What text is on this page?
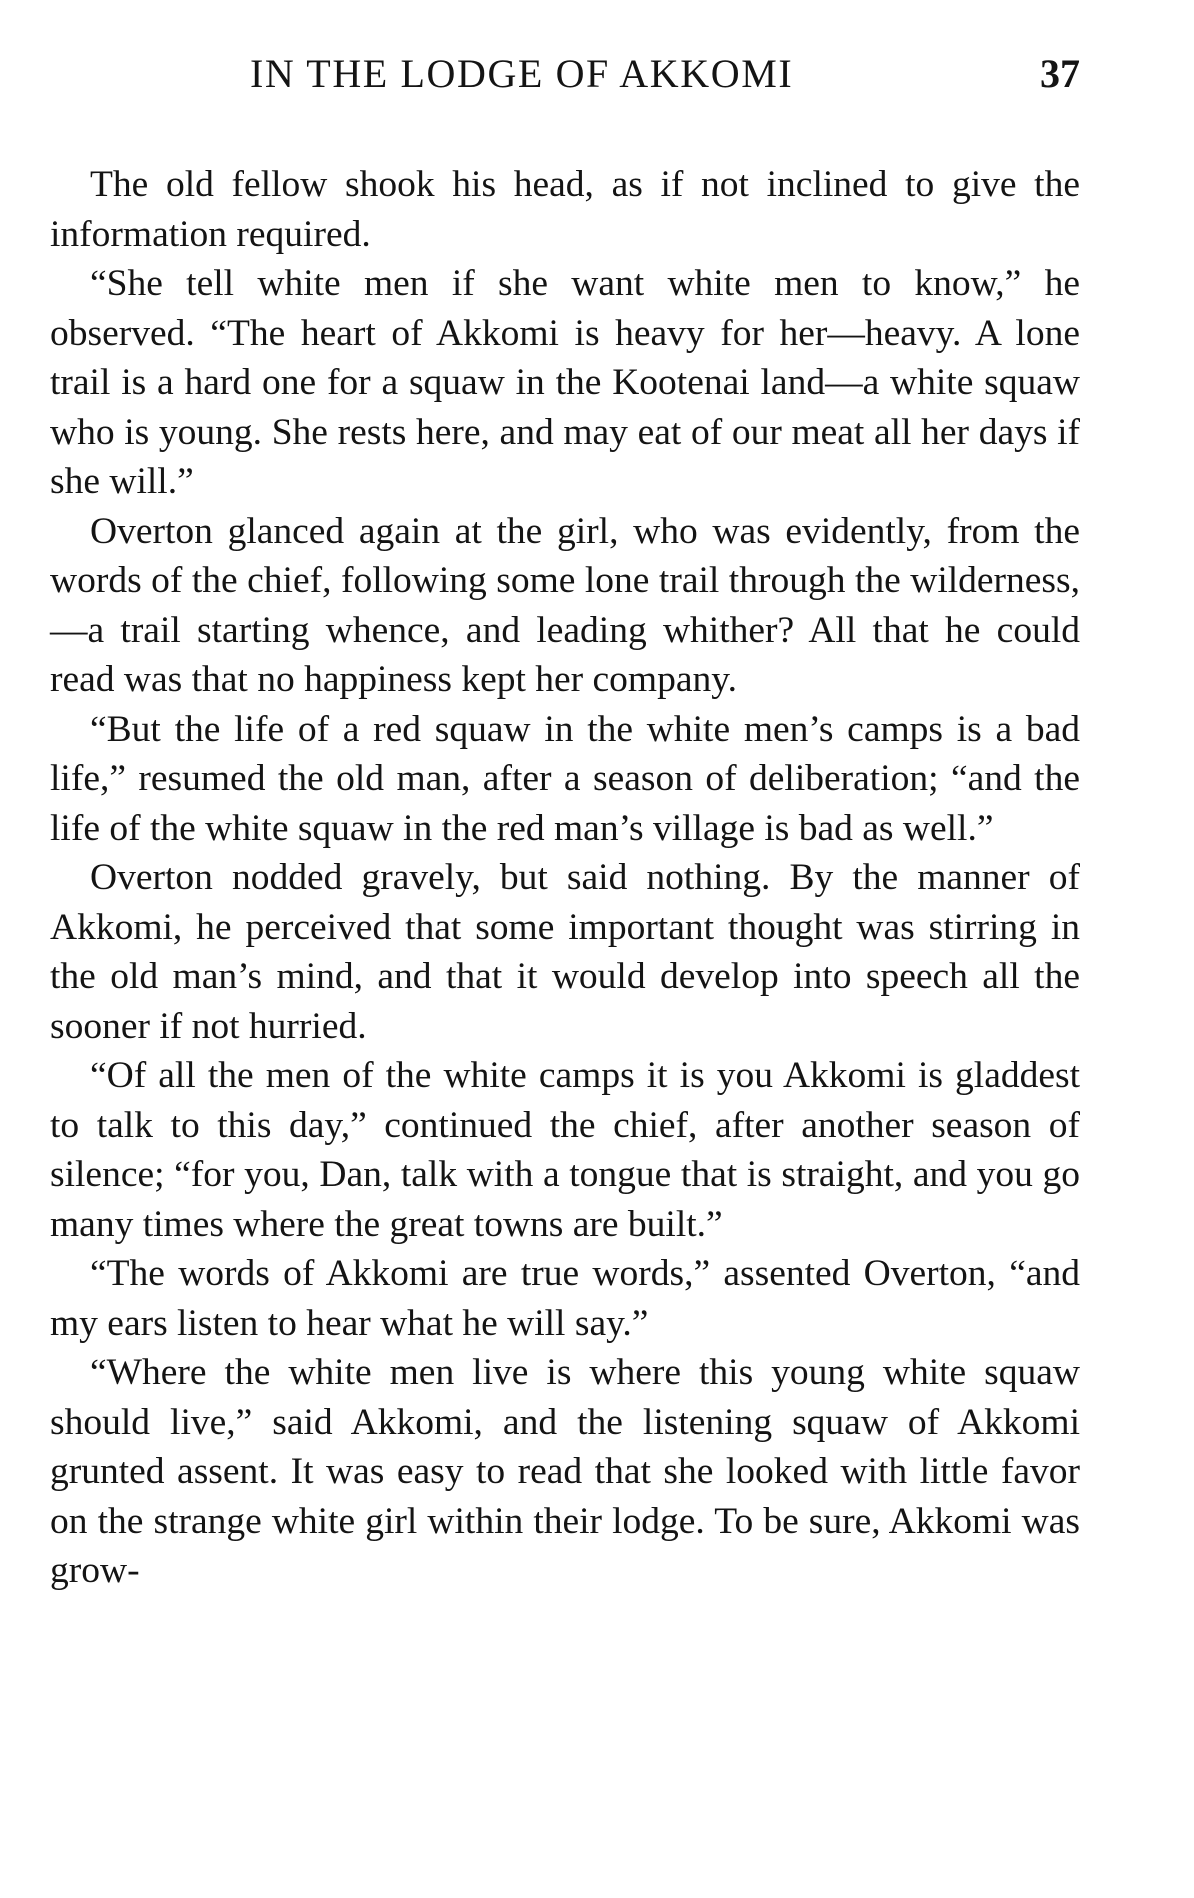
IN THE LODGE OF AKKOMI	37

The old fellow shook his head, as if not inclined to give the information required.

“She tell white men if she want white men to know,” he observed. “The heart of Akkomi is heavy for her—heavy. A lone trail is a hard one for a squaw in the Kootenai land—a white squaw who is young. She rests here, and may eat of our meat all her days if she will.”

Overton glanced again at the girl, who was evidently, from the words of the chief, following some lone trail through the wilderness,—a trail starting whence, and leading whither? All that he could read was that no happiness kept her company.

“But the life of a red squaw in the white men’s camps is a bad life,” resumed the old man, after a season of deliberation; “and the life of the white squaw in the red man’s village is bad as well.”

Overton nodded gravely, but said nothing. By the manner of Akkomi, he perceived that some important thought was stirring in the old man’s mind, and that it would develop into speech all the sooner if not hurried.

“Of all the men of the white camps it is you Akkomi is gladdest to talk to this day,” continued the chief, after another season of silence; “for you, Dan, talk with a tongue that is straight, and you go many times where the great towns are built.”

“The words of Akkomi are true words,” assented Overton, “and my ears listen to hear what he will say.”

“Where the white men live is where this young white squaw should live,” said Akkomi, and the listening squaw of Akkomi grunted assent. It was easy to read that she looked with little favor on the strange white girl within their lodge. To be sure, Akkomi was grow-
